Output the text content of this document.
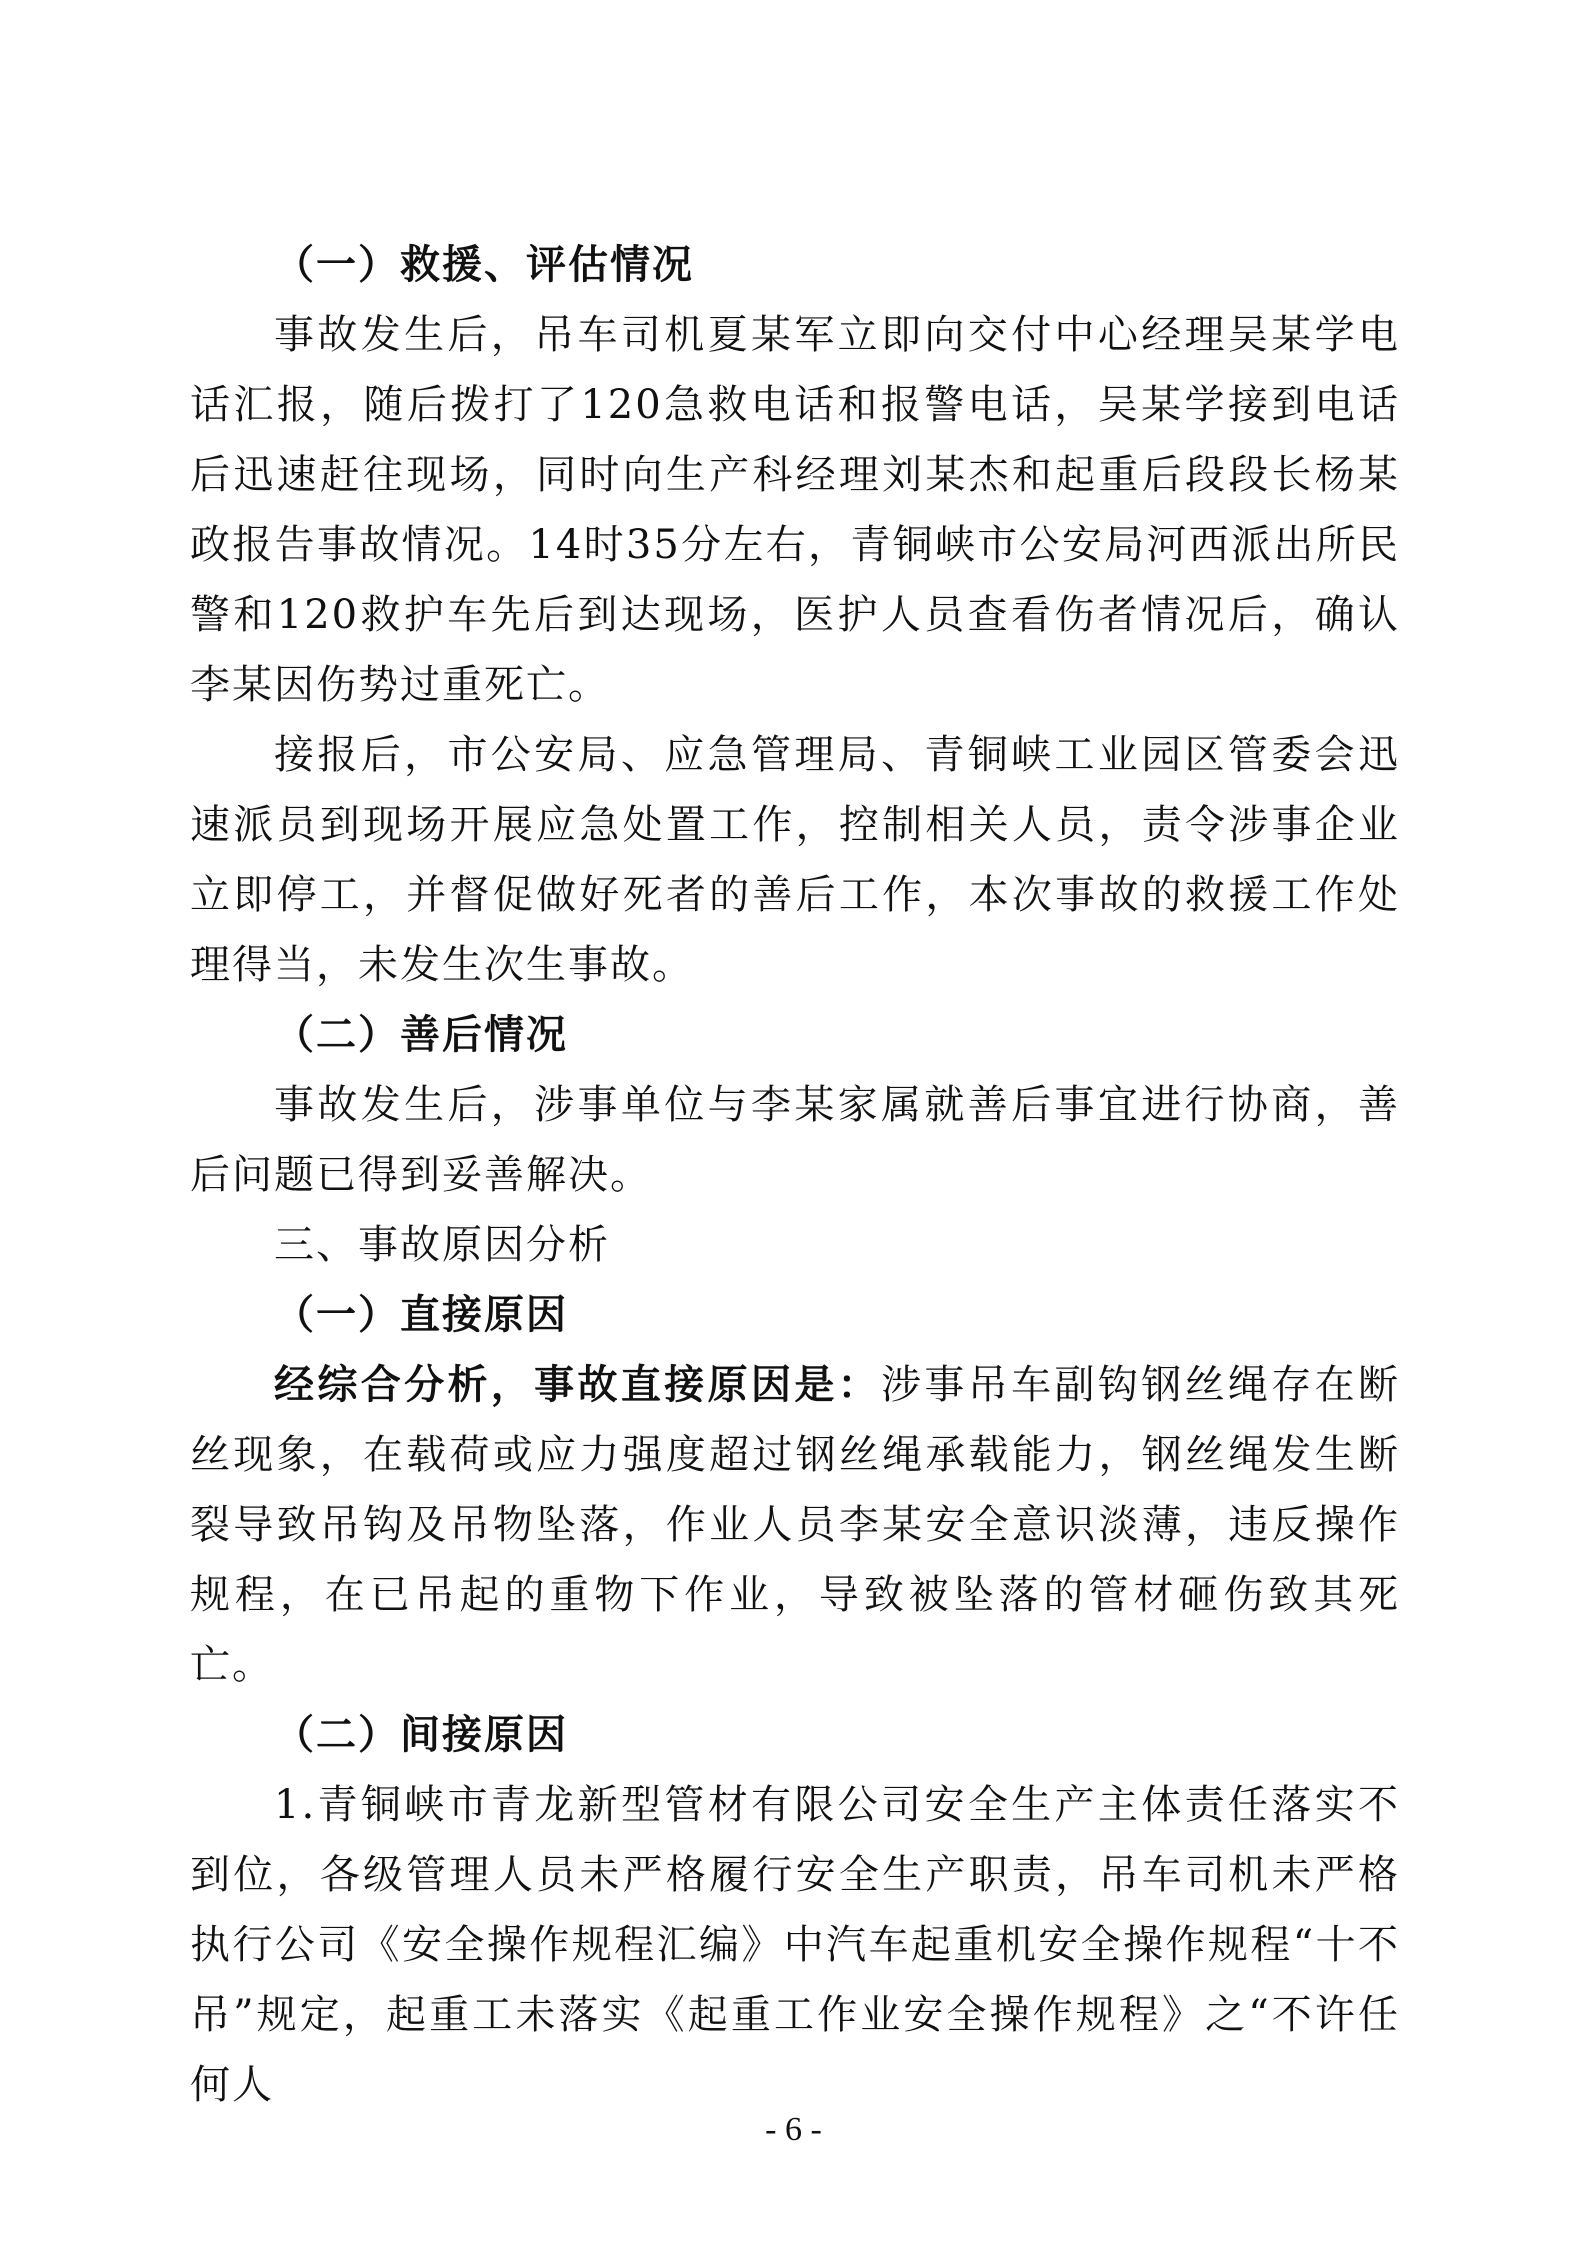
（一）救援、评估情况

事故发生后，吊车司机夏某军立即向交付中心经理吴某学电话汇报，随后拨打了120急救电话和报警电话，吴某学接到电话后迅速赶往现场，同时向生产科经理刘某杰和起重后段段长杨某政报告事故情况。14时35分左右，青铜峡市公安局河西派出所民警和120救护车先后到达现场，医护人员查看伤者情况后，确认李某因伤势过重死亡。

接报后，市公安局、应急管理局、青铜峡工业园区管委会迅速派员到现场开展应急处置工作，控制相关人员，责令涉事企业立即停工，并督促做好死者的善后工作，本次事故的救援工作处理得当，未发生次生事故。

（二）善后情况

事故发生后，涉事单位与李某家属就善后事宜进行协商，善后问题已得到妥善解决。

三、事故原因分析

（一）直接原因

经综合分析，事故直接原因是：涉事吊车副钩钢丝绳存在断丝现象，在载荷或应力强度超过钢丝绳承载能力，钢丝绳发生断裂导致吊钩及吊物坠落，作业人员李某安全意识淡薄，违反操作规程，在已吊起的重物下作业，导致被坠落的管材砸伤致其死亡。

（二）间接原因

1.青铜峡市青龙新型管材有限公司安全生产主体责任落实不到位，各级管理人员未严格履行安全生产职责，吊车司机未严格执行公司《安全操作规程汇编》中汽车起重机安全操作规程“十不吊”规定，起重工未落实《起重工作业安全操作规程》之“不许任何人

- 6 -
